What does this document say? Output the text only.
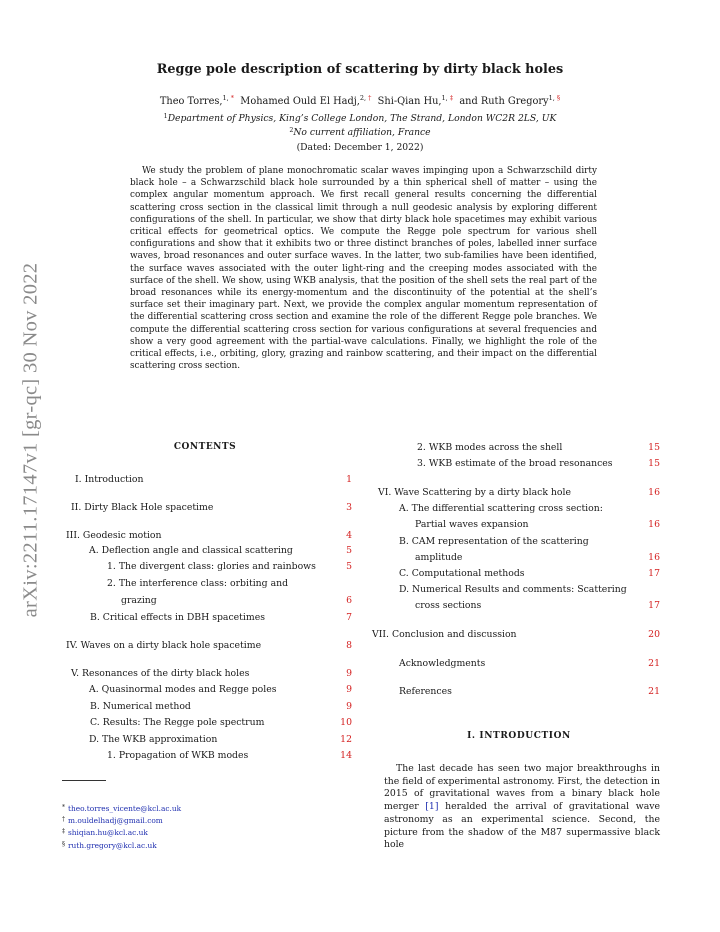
arXiv:2211.17147v1 [gr-qc] 30 Nov 2022
Regge pole description of scattering by dirty black holes
Theo Torres,$^{1,}$ * Mohamed Ould El Hadj,$^{2,}$ † Shi-Qian Hu,$^{1,}$ ‡ and Ruth Gregory$^{1,}$ §
$^1$Department of Physics, King’s College London, The Strand, London WC2R 2LS, UK
$^2$No current affiliation, France
(Dated: December 1, 2022)

We study the problem of plane monochromatic scalar waves impinging upon a Schwarzschild dirty black hole – a Schwarzschild black hole surrounded by a thin spherical shell of matter – using the complex angular momentum approach. We first recall general results concerning the differential scattering cross section in the classical limit through a null geodesic analysis by exploring different configurations of the shell. In particular, we show that dirty black hole spacetimes may exhibit various critical effects for geometrical optics. We compute the Regge pole spectrum for various shell configurations and show that it exhibits two or three distinct branches of poles, labelled inner surface waves, broad resonances and outer surface waves. In the latter, two sub-families have been identified, the surface waves associated with the outer light-ring and the creeping modes associated with the surface of the shell. We show, using WKB analysis, that the position of the shell sets the real part of the broad resonances while its energy-momentum and the discontinuity of the potential at the shell’s surface set their imaginary part. Next, we provide the complex angular momentum representation of the differential scattering cross section and examine the role of the different Regge pole branches. We compute the differential scattering cross section for various configurations at several frequencies and show a very good agreement with the partial-wave calculations. Finally, we highlight the role of the critical effects, i.e., orbiting, glory, grazing and rainbow scattering, and their impact on the differential scattering cross section.

CONTENTS
I. Introduction	1
II. Dirty Black Hole spacetime	3
III. Geodesic motion	4
A. Deflection angle and classical scattering	5
1. The divergent class: glories and rainbows	5
2. The interference class: orbiting and
grazing	6
B. Critical effects in DBH spacetimes	7
IV. Waves on a dirty black hole spacetime	8
V. Resonances of the dirty black holes	9
A. Quasinormal modes and Regge poles	9
B. Numerical method	9
C. Results: The Regge pole spectrum	10
D. The WKB approximation	12
1. Propagation of WKB modes	14
2. WKB modes across the shell	15
3. WKB estimate of the broad resonances	15
VI. Wave Scattering by a dirty black hole	16
A. The differential scattering cross section:
Partial waves expansion	16
B. CAM representation of the scattering
amplitude	16
C. Computational methods	17
D. Numerical Results and comments: Scattering
cross sections	17
VII. Conclusion and discussion	20
Acknowledgments	21
References	21
* theo.torres_vicente@kcl.ac.uk
† m.ouldelhadj@gmail.com
‡ shiqian.hu@kcl.ac.uk
§ ruth.gregory@kcl.ac.uk
I. INTRODUCTION

The last decade has seen two major breakthroughs in the field of experimental astronomy. First, the detection in 2015 of gravitational waves from a binary black hole merger [1] heralded the arrival of gravitational wave astronomy as an experimental science. Second, the picture from the shadow of the M87 supermassive black hole
